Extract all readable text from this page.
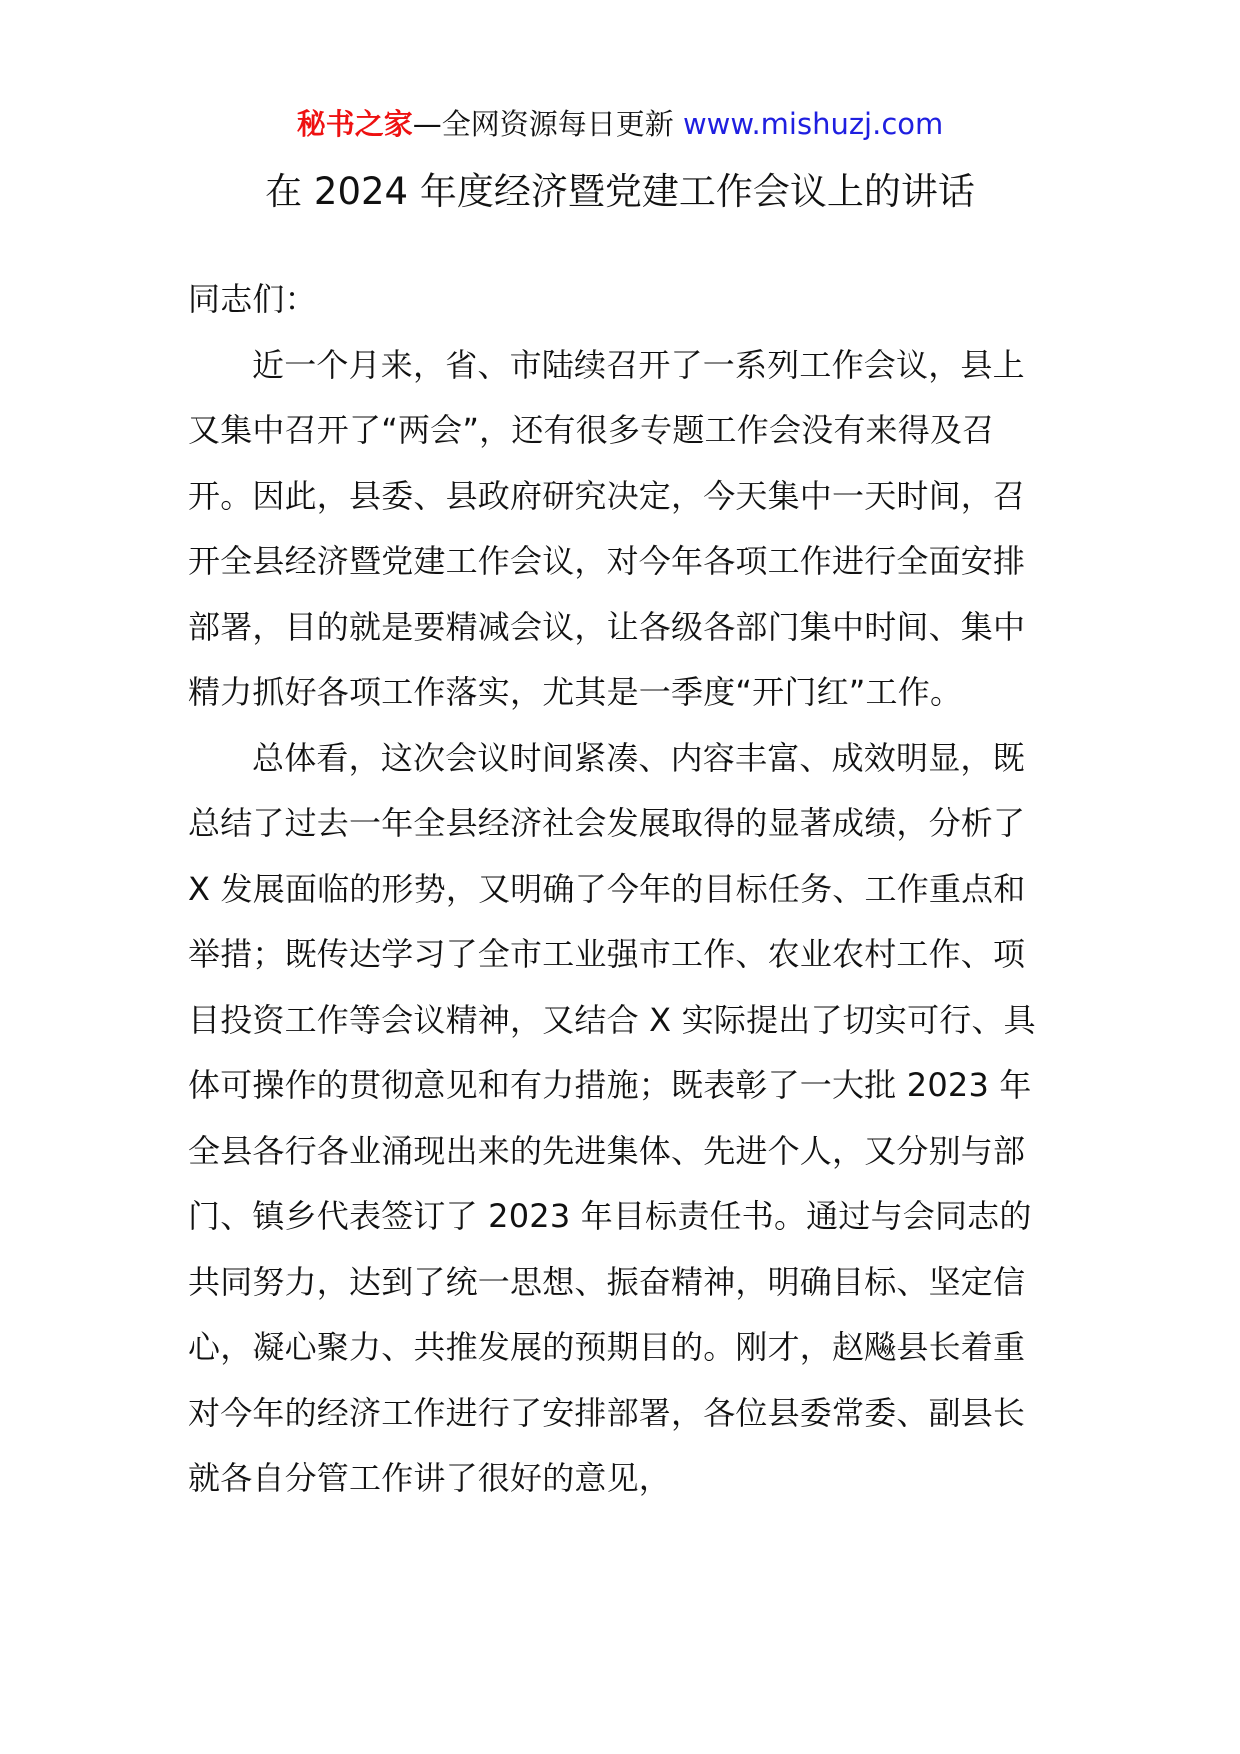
秘书之家—全网资源每日更新 www.mishuzj.com
在 2024 年度经济暨党建工作会议上的讲话

同志们：

近一个月来，省、市陆续召开了一系列工作会议，县上又集中召开了“两会”，还有很多专题工作会没有来得及召开。因此，县委、县政府研究决定，今天集中一天时间，召开全县经济暨党建工作会议，对今年各项工作进行全面安排部署，目的就是要精减会议，让各级各部门集中时间、集中精力抓好各项工作落实，尤其是一季度“开门红”工作。

总体看，这次会议时间紧凑、内容丰富、成效明显，既总结了过去一年全县经济社会发展取得的显著成绩，分析了 X 发展面临的形势，又明确了今年的目标任务、工作重点和举措；既传达学习了全市工业强市工作、农业农村工作、项目投资工作等会议精神，又结合 X 实际提出了切实可行、具体可操作的贯彻意见和有力措施；既表彰了一大批 2023 年全县各行各业涌现出来的先进集体、先进个人，又分别与部门、镇乡代表签订了 2023 年目标责任书。通过与会同志的共同努力，达到了统一思想、振奋精神，明确目标、坚定信心，凝心聚力、共推发展的预期目的。刚才，赵飚县长着重对今年的经济工作进行了安排部署，各位县委常委、副县长就各自分管工作讲了很好的意见，
